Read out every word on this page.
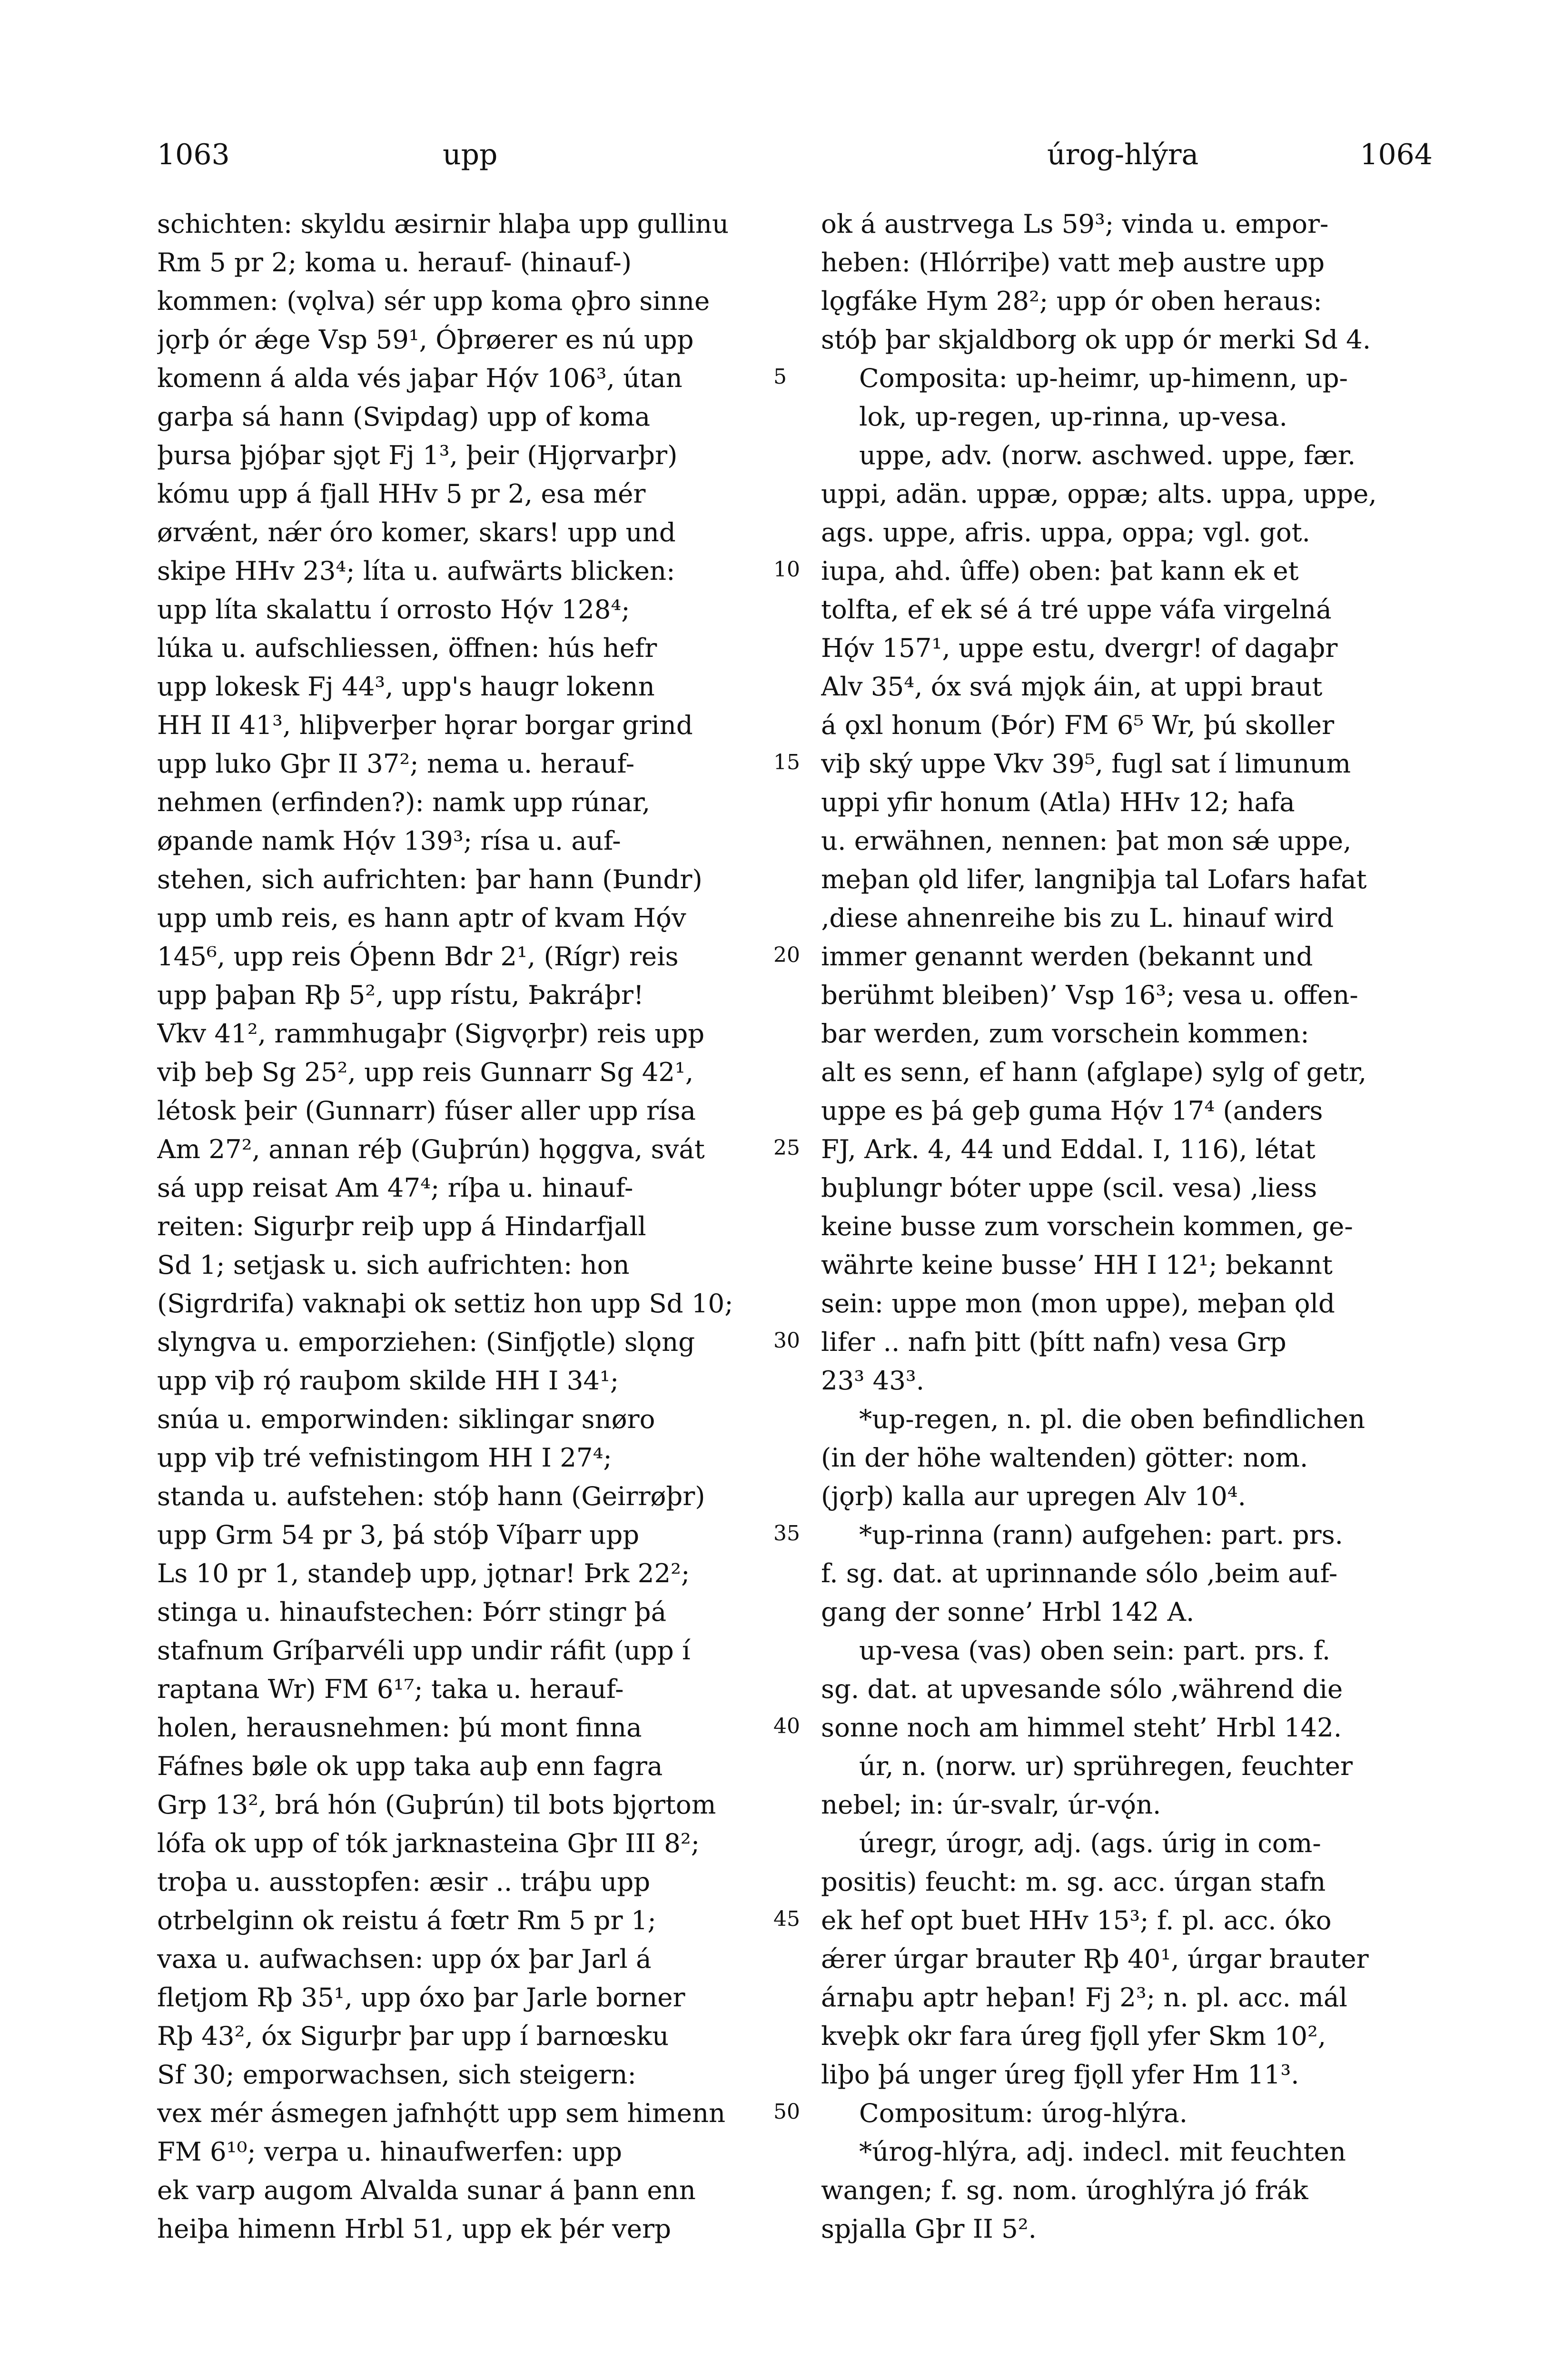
1063	upp	úrog-hlýra	1064
schichten: skyldu æsirnir hlaþa upp gullinu
Rm 5 pr 2; koma u. herauf- (hinauf-)
kommen: (vǫlva) sér upp koma ǫþro sinne
jǫrþ ór ǽge Vsp 59¹, Óþrøerer es nú upp
komenn á alda vés jaþar Hǫ́v 106³, útan
garþa sá hann (Svipdag) upp of koma
þursa þjóþar sjǫt Fj 1³, þeir (Hjǫrvarþr)
kómu upp á fjall HHv 5 pr 2, esa mér
ørvǽnt, nǽr óro komer, skars! upp und
skipe HHv 23⁴; líta u. aufwärts blicken:
upp líta skalattu í orrosto Hǫ́v 128⁴;
lúka u. aufschliessen, öffnen: hús hefr
upp lokesk Fj 44³, upp's haugr lokenn
HH II 41³, hliþverþer hǫrar borgar grind
upp luko Gþr II 37²; nema u. herauf-
nehmen (erfinden?): namk upp rúnar,
øpande namk Hǫ́v 139³; rísa u. auf-
stehen, sich aufrichten: þar hann (Þundr)
upp umb reis, es hann aptr of kvam Hǫ́v
145⁶, upp reis Óþenn Bdr 2¹, (Rígr) reis
upp þaþan Rþ 5², upp rístu, Þakráþr!
Vkv 41², rammhugaþr (Sigvǫrþr) reis upp
viþ beþ Sg 25², upp reis Gunnarr Sg 42¹,
létosk þeir (Gunnarr) fúser aller upp rísa
Am 27², annan réþ (Guþrún) hǫggva, svát
sá upp reisat Am 47⁴; ríþa u. hinauf-
reiten: Sigurþr reiþ upp á Hindarfjall
Sd 1; setjask u. sich aufrichten: hon
(Sigrdrifa) vaknaþi ok settiz hon upp Sd 10;
slyngva u. emporziehen: (Sinfjǫtle) slǫng
upp viþ rǫ́ rauþom skilde HH I 34¹;
snúa u. emporwinden: siklingar snøro
upp viþ tré vefnistingom HH I 27⁴;
standa u. aufstehen: stóþ hann (Geirrøþr)
upp Grm 54 pr 3, þá stóþ Víþarr upp
Ls 10 pr 1, standeþ upp, jǫtnar! Þrk 22²;
stinga u. hinaufstechen: Þórr stingr þá
stafnum Gríþarvéli upp undir ráfit (upp í
raptana Wr) FM 6¹⁷; taka u. herauf-
holen, herausnehmen: þú mont finna
Fáfnes bøle ok upp taka auþ enn fagra
Grp 13², brá hón (Guþrún) til bots bjǫrtom
lófa ok upp of tók jarknasteina Gþr III 8²;
troþa u. ausstopfen: æsir .. tráþu upp
otrbelginn ok reistu á fœtr Rm 5 pr 1;
vaxa u. aufwachsen: upp óx þar Jarl á
fletjom Rþ 35¹, upp óxo þar Jarle borner
Rþ 43², óx Sigurþr þar upp í barnœsku
Sf 30; emporwachsen, sich steigern:
vex mér ásmegen jafnhǫ́tt upp sem himenn
FM 6¹⁰; verpa u. hinaufwerfen: upp
ek varp augom Alvalda sunar á þann enn
heiþa himenn Hrbl 51, upp ek þér verp
5
10
15
20
25
30
35
40
45
50
ok á austrvega Ls 59³; vinda u. empor-
heben: (Hlórriþe) vatt meþ austre upp
lǫgfáke Hym 28²; upp ór oben heraus:
stóþ þar skjaldborg ok upp ór merki Sd 4.
Composita: up-heimr, up-himenn, up-
lok, up-regen, up-rinna, up-vesa.
uppe, adv. (norw. aschwed. uppe, fær.
uppi, adän. uppæ, oppæ; alts. uppa, uppe,
ags. uppe, afris. uppa, oppa; vgl. got.
iupa, ahd. ûffe) oben: þat kann ek et
tolfta, ef ek sé á tré uppe váfa virgelná
Hǫ́v 157¹, uppe estu, dvergr! of dagaþr
Alv 35⁴, óx svá mjǫk áin, at uppi braut
á ǫxl honum (Þór) FM 6⁵ Wr, þú skoller
viþ ský uppe Vkv 39⁵, fugl sat í limunum
uppi yfir honum (Atla) HHv 12; hafa
u. erwähnen, nennen: þat mon sǽ uppe,
meþan ǫld lifer, langniþja tal Lofars hafat
‚diese ahnenreihe bis zu L. hinauf wird
immer genannt werden (bekannt und
berühmt bleiben)’ Vsp 16³; vesa u. offen-
bar werden, zum vorschein kommen:
alt es senn, ef hann (afglape) sylg of getr,
uppe es þá geþ guma Hǫ́v 17⁴ (anders
FJ, Ark. 4, 44 und Eddal. I, 116), létat
buþlungr bóter uppe (scil. vesa) ‚liess
keine busse zum vorschein kommen, ge-
währte keine busse’ HH I 12¹; bekannt
sein: uppe mon (mon uppe), meþan ǫld
lifer .. nafn þitt (þítt nafn) vesa Grp
23³ 43³.
*up-regen, n. pl. die oben befindlichen
(in der höhe waltenden) götter: nom.
(jǫrþ) kalla aur upregen Alv 10⁴.
*up-rinna (rann) aufgehen: part. prs.
f. sg. dat. at uprinnande sólo ‚beim auf-
gang der sonne’ Hrbl 142 A.
up-vesa (vas) oben sein: part. prs. f.
sg. dat. at upvesande sólo ‚während die
sonne noch am himmel steht’ Hrbl 142.
úr, n. (norw. ur) sprühregen, feuchter
nebel; in: úr-svalr, úr-vǫ́n.
úregr, úrogr, adj. (ags. úrig in com-
positis) feucht: m. sg. acc. úrgan stafn
ek hef opt buet HHv 15³; f. pl. acc. óko
ǽrer úrgar brauter Rþ 40¹, úrgar brauter
árnaþu aptr heþan! Fj 2³; n. pl. acc. mál
kveþk okr fara úreg fjǫll yfer Skm 10²,
liþo þá unger úreg fjǫll yfer Hm 11³.
Compositum: úrog-hlýra.
*úrog-hlýra, adj. indecl. mit feuchten
wangen; f. sg. nom. úroghlýra jó frák
spjalla Gþr II 5².
